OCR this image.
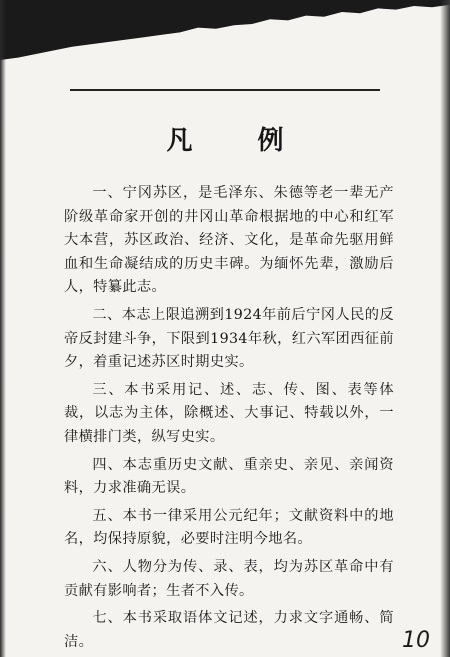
凡 例

一、宁冈苏区，是毛泽东、朱德等老一辈无产阶级革命家开创的井冈山革命根据地的中心和红军大本营，苏区政治、经济、文化，是革命先驱用鲜血和生命凝结成的历史丰碑。为缅怀先辈，激励后人，特纂此志。

二、本志上限追溯到1924年前后宁冈人民的反帝反封建斗争，下限到1934年秋，红六军团西征前夕，着重记述苏区时期史实。

三、本书采用记、述、志、传、图、表等体裁，以志为主体，除概述、大事记、特载以外，一律横排门类，纵写史实。

四、本志重历史文献、重亲史、亲见、亲闻资料，力求准确无误。

五、本书一律采用公元纪年；文献资料中的地名，均保持原貌，必要时注明今地名。

六、人物分为传、录、表，均为苏区革命中有贡献有影响者；生者不入传。

七、本书采取语体文记述，力求文字通畅、简洁。	10
